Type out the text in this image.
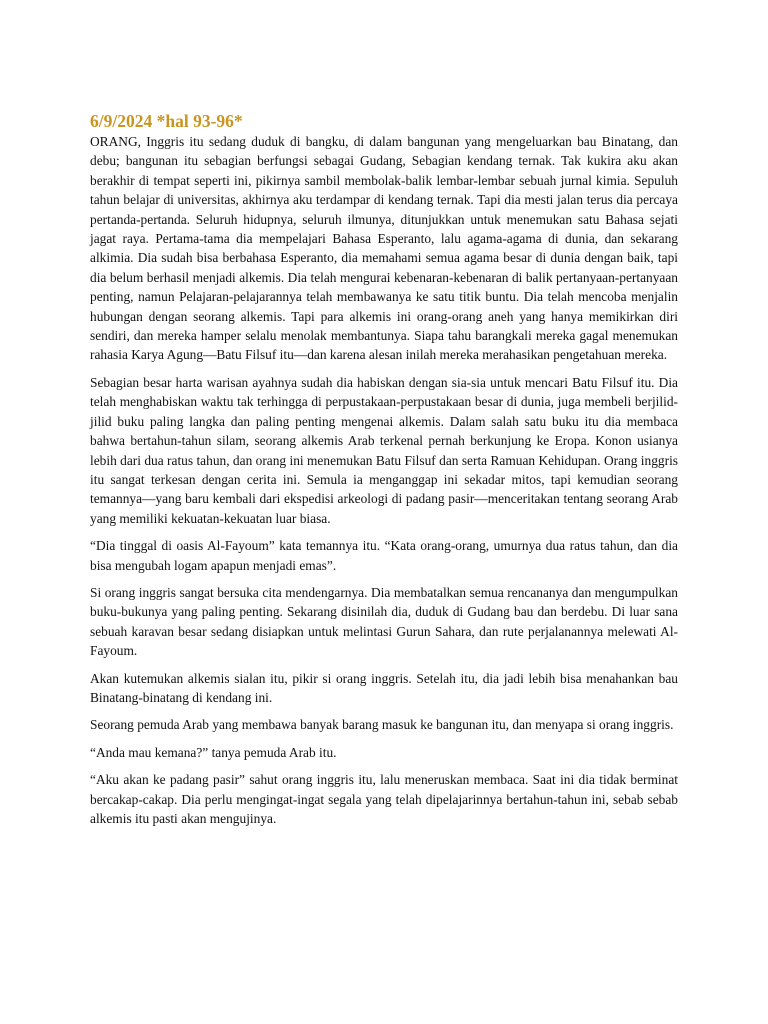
6/9/2024 *hal 93-96*

ORANG, Inggris itu sedang duduk di bangku, di dalam bangunan yang mengeluarkan bau Binatang, dan debu; bangunan itu sebagian berfungsi sebagai Gudang, Sebagian kendang ternak. Tak kukira aku akan berakhir di tempat seperti ini, pikirnya sambil membolak-balik lembar-lembar sebuah jurnal kimia. Sepuluh tahun belajar di universitas, akhirnya aku terdampar di kendang ternak. Tapi dia mesti jalan terus dia percaya pertanda-pertanda. Seluruh hidupnya, seluruh ilmunya, ditunjukkan untuk menemukan satu Bahasa sejati jagat raya. Pertama-tama dia mempelajari Bahasa Esperanto, lalu agama-agama di dunia, dan sekarang alkimia. Dia sudah bisa berbahasa Esperanto, dia memahami semua agama besar di dunia dengan baik, tapi dia belum berhasil menjadi alkemis. Dia telah mengurai kebenaran-kebenaran di balik pertanyaan-pertanyaan penting, namun Pelajaran-pelajarannya telah membawanya ke satu titik buntu. Dia telah mencoba menjalin hubungan dengan seorang alkemis. Tapi para alkemis ini orang-orang aneh yang hanya memikirkan diri sendiri, dan mereka hamper selalu menolak membantunya. Siapa tahu barangkali mereka gagal menemukan rahasia Karya Agung—Batu Filsuf itu—dan karena alesan inilah mereka merahasikan pengetahuan mereka.

Sebagian besar harta warisan ayahnya sudah dia habiskan dengan sia-sia untuk mencari Batu Filsuf itu. Dia telah menghabiskan waktu tak terhingga di perpustakaan-perpustakaan besar di dunia, juga membeli berjilid-jilid buku paling langka dan paling penting mengenai alkemis. Dalam salah satu buku itu dia membaca bahwa bertahun-tahun silam, seorang alkemis Arab terkenal pernah berkunjung ke Eropa. Konon usianya lebih dari dua ratus tahun, dan orang ini menemukan Batu Filsuf dan serta Ramuan Kehidupan. Orang inggris itu sangat terkesan dengan cerita ini. Semula ia menganggap ini sekadar mitos, tapi kemudian seorang temannya—yang baru kembali dari ekspedisi arkeologi di padang pasir—menceritakan tentang seorang Arab yang memiliki kekuatan-kekuatan luar biasa.

“Dia tinggal di oasis Al-Fayoum” kata temannya itu. “Kata orang-orang, umurnya dua ratus tahun, dan dia bisa mengubah logam apapun menjadi emas”.

Si orang inggris sangat bersuka cita mendengarnya. Dia membatalkan semua rencananya dan mengumpulkan buku-bukunya yang paling penting. Sekarang disinilah dia, duduk di Gudang bau dan berdebu. Di luar sana sebuah karavan besar sedang disiapkan untuk melintasi Gurun Sahara, dan rute perjalanannya melewati Al-Fayoum.

Akan kutemukan alkemis sialan itu, pikir si orang inggris. Setelah itu, dia jadi lebih bisa menahankan bau Binatang-binatang di kendang ini.

Seorang pemuda Arab yang membawa banyak barang masuk ke bangunan itu, dan menyapa si orang inggris.

“Anda mau kemana?” tanya pemuda Arab itu.

“Aku akan ke padang pasir” sahut orang inggris itu, lalu meneruskan membaca. Saat ini dia tidak berminat bercakap-cakap. Dia perlu mengingat-ingat segala yang telah dipelajarinnya bertahun-tahun ini, sebab sebab alkemis itu pasti akan mengujinya.
